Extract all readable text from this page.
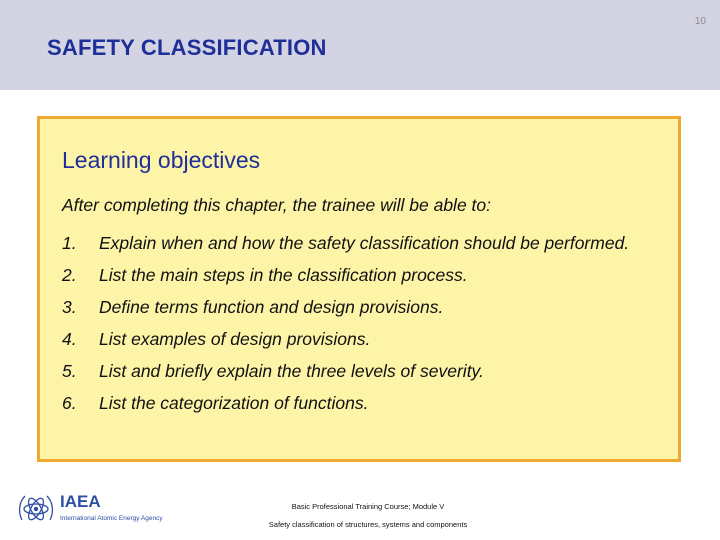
10
SAFETY CLASSIFICATION
Learning objectives
After completing this chapter, the trainee will be able to:
1.	Explain when and how the safety classification should be performed.
2.	List the main steps in the classification process.
3.	Define terms function and design provisions.
4.	List examples of design provisions.
5.	List and briefly explain the three levels of severity.
6.	List the categorization of functions.
IAEA
International Atomic Energy Agency
Basic Professional Training Course; Module V
Safety classification of structures, systems and components
